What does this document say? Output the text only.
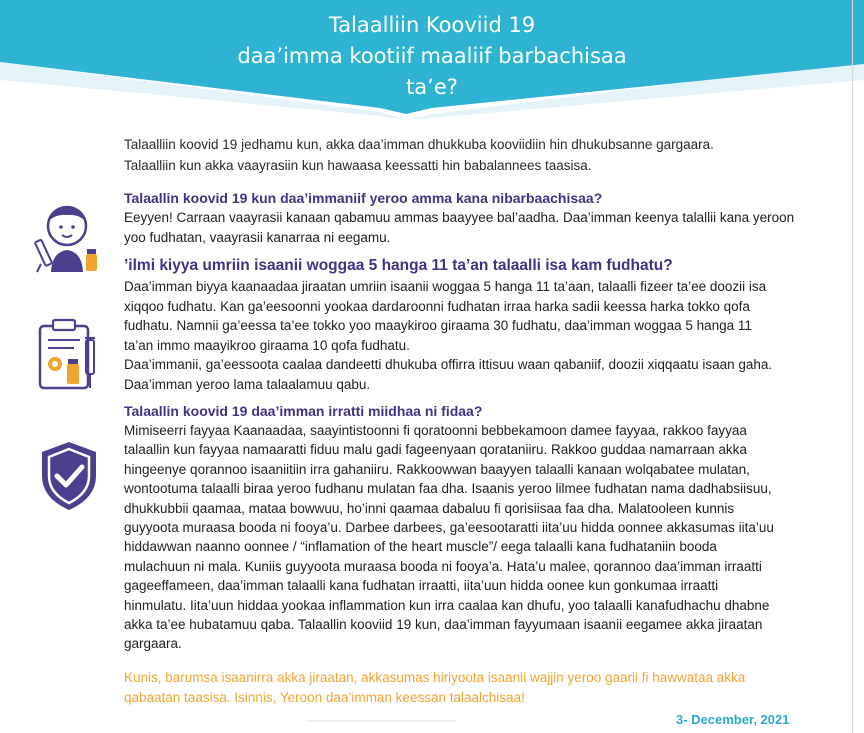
Talaalliin Kooviid 19
daa’imma kootiif maaliif barbachisaa
ta’e?
Talaalliin koovid 19 jedhamu kun, akka daa’imman dhukkuba kooviidiin hin dhukubsanne gargaara.
Talaalliin kun akka vaayrasiin kun hawaasa keessatti hin babalannees taasisa.
Talaallin koovid 19 kun daa’immaniif yeroo amma kana nibarbaachisaa?
Eeyyen! Carraan vaayrasii kanaan qabamuu ammas baayyee bal’aadha. Daa’imman keenya talallii kana yeroon
yoo fudhatan, vaayrasii kanarraa ni eegamu.
’ilmi kiyya umriin isaanii woggaa 5 hanga 11 ta’an talaalli isa kam fudhatu?
Daa’imman biyya kaanaadaa jiraatan umriin isaanii woggaa 5 hanga 11 ta’aan, talaalli fizeer ta’ee doozii isa
xiqqoo fudhatu. Kan ga’eesoonni yookaa dardaroonni fudhatan irraa harka sadii keessa harka tokko qofa
fudhatu. Namnii ga’eessa ta’ee tokko yoo maaykiroo giraama 30 fudhatu, daa’imman woggaa 5 hanga 11
ta’an immo maayikroo giraama 10 qofa fudhatu.
Daa’immanii, ga’eessoota caalaa dandeetti dhukuba offirra ittisuu waan qabaniif, doozii xiqqaatu isaan gaha.
Daa’imman yeroo lama talaalamuu qabu.
Talaallin koovid 19 daa’imman irratti miidhaa ni fidaa?
Mimiseerri fayyaa Kaanaadaa, saayintistoonni fi qoratoonni bebbekamoon damee fayyaa, rakkoo fayyaa
talaallin kun fayyaa namaaratti fiduu malu gadi fageenyaan qorataniiru. Rakkoo guddaa namarraan akka
hingeenye qorannoo isaaniitiin irra gahaniiru. Rakkoowwan baayyen talaalli kanaan wolqabatee mulatan,
wontootuma talaalli biraa yeroo fudhanu mulatan faa dha. Isaanis yeroo lilmee fudhatan nama dadhabsiisuu,
dhukkubbii qaamaa, mataa bowwuu, ho’inni qaamaa dabaluu fi qorisiisaa faa dha. Malatooleen kunnis
guyyoota muraasa booda ni fooya’u. Darbee darbees, ga’eesootaratti iita’uu hidda oonnee akkasumas iita’uu
hiddawwan naanno oonnee / “inflamation of the heart muscle”/ eega talaalli kana fudhataniin booda
mulachuun ni mala. Kuniis guyyoota muraasa booda ni fooya’a. Hata’u malee, qorannoo daa’imman irraatti
gageeffameen, daa’imman talaalli kana fudhatan irraatti, iita’uun hidda oonee kun gonkumaa irraatti
hinmulatu. Iita’uun hiddaa yookaa inflammation kun irra caalaa kan dhufu, yoo talaalli kanafudhachu dhabne
akka ta’ee hubatamuu qaba. Talaallin kooviid 19 kun, daa’imman fayyumaan isaanii eegamee akka jiraatan
gargaara.
Kunis, barumsa isaanirra akka jiraatan, akkasumas hiriyoota isaanii wajjin yeroo gaarii fi hawwataa akka
qabaatan taasisa. Isinnis, Yeroon daa’imman keessan talaalchisaa!
3- December, 2021
